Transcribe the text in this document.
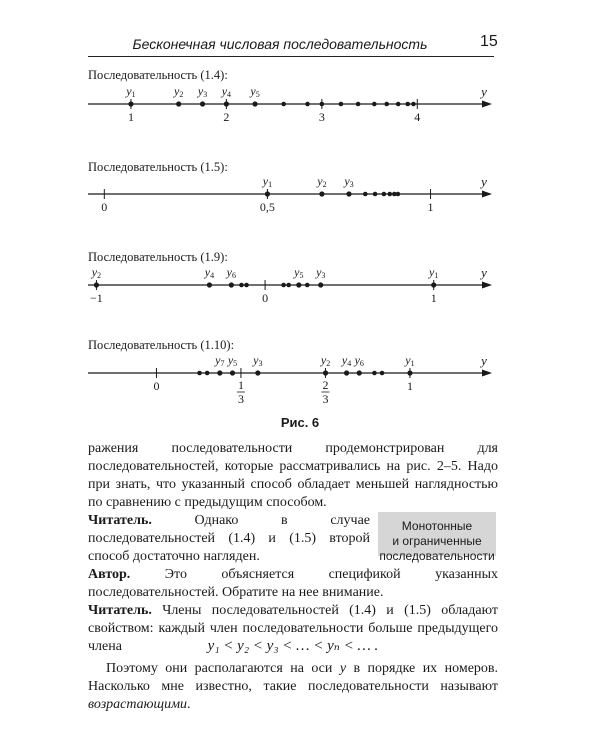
Бесконечная числовая последовательность	15
Последовательность (1.4):
Последовательность (1.5):
Последовательность (1.9):
Последовательность (1.10):
y
1	2	3	4
y1	y2 y3 y4 y5
y
0	0,5	1
y1	y2 y3
y
−1	0	1
y2	y4 y6	y5 y3	y1
y
0	1
3
2
3
1
y7 y5 y3	y2 y4 y6	y1
Рис. 6

ражения последовательности продемонстрирован для последовательностей, которые рассматривались на рис. 2–5. Надо при знать, что указанный способ обладает меньшей наглядностью по сравнению с предыдущим способом.

Читатель.	Однако в случае последовательностей (1.4) и (1.5) второй способ достаточно нагляден.

Монотонные
и ограниченные
последовательности

Автор. Это объясняется спецификой указанных последовательностей. Обратите на нее внимание.

Читатель. Члены последовательностей (1.4) и (1.5) обладают свойством: каждый член последовательности больше предыдущего члена	y₁ < y₂ < y₃ < … < yₙ < … .

Поэтому они располагаются на оси y в порядке их номеров. Насколько мне известно, такие последовательности называют возрастающими.
